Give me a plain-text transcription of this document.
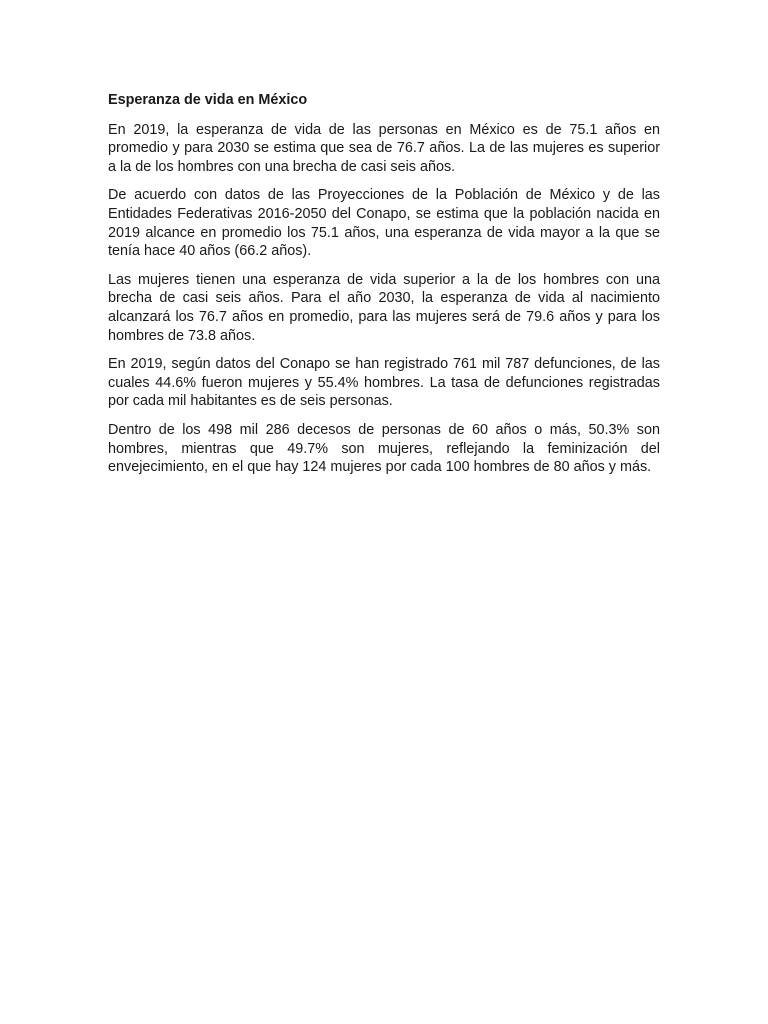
Esperanza de vida en México

En 2019, la esperanza de vida de las personas en México es de 75.1 años en promedio y para 2030 se estima que sea de 76.7 años. La de las mujeres es superior a la de los hombres con una brecha de casi seis años.

De acuerdo con datos de las Proyecciones de la Población de México y de las Entidades Federativas 2016-2050 del Conapo, se estima que la población nacida en 2019 alcance en promedio los 75.1 años, una esperanza de vida mayor a la que se tenía hace 40 años (66.2 años).

Las mujeres tienen una esperanza de vida superior a la de los hombres con una brecha de casi seis años. Para el año 2030, la esperanza de vida al nacimiento alcanzará los 76.7 años en promedio, para las mujeres será de 79.6 años y para los hombres de 73.8 años.

En 2019, según datos del Conapo se han registrado 761 mil 787 defunciones, de las cuales 44.6% fueron mujeres y 55.4% hombres. La tasa de defunciones registradas por cada mil habitantes es de seis personas.

Dentro de los 498 mil 286 decesos de personas de 60 años o más, 50.3% son hombres, mientras que 49.7% son mujeres, reflejando la feminización del envejecimiento, en el que hay 124 mujeres por cada 100 hombres de 80 años y más.
